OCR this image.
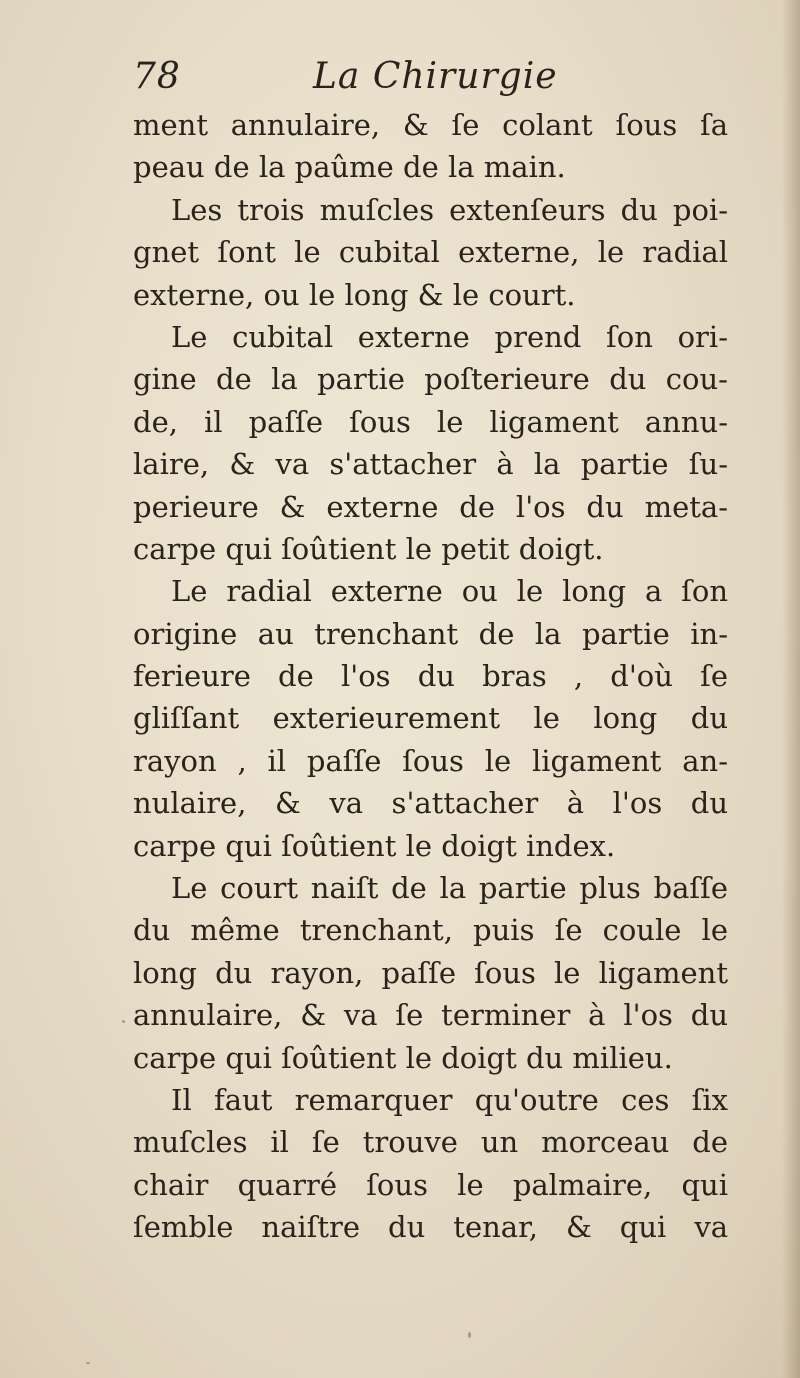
78	La Chirurgie
ment annulaire, & ſe colant ſous ſa
peau de la paûme de la main.
Les trois muſcles extenſeurs du poi-
gnet ſont le cubital externe, le radial
externe, ou le long & le court.
Le cubital externe prend ſon ori-
gine de la partie poſterieure du cou-
de, il paſſe ſous le ligament annu-
laire, & va s'attacher à la partie ſu-
perieure & externe de l'os du meta-
carpe qui ſoûtient le petit doigt.
Le radial externe ou le long a ſon
origine au trenchant de la partie in-
ferieure de l'os du bras , d'où ſe
gliſſant exterieurement le long du
rayon , il paſſe ſous le ligament an-
nulaire, & va s'attacher à l'os du
carpe qui ſoûtient le doigt index.
Le court naiſt de la partie plus baſſe
du même trenchant, puis ſe coule le
long du rayon, paſſe ſous le ligament
annulaire, & va ſe terminer à l'os du
carpe qui ſoûtient le doigt du milieu.
Il faut remarquer qu'outre ces ſix
muſcles il ſe trouve un morceau de
chair quarré ſous le palmaire, qui
ſemble naiſtre du tenar, & qui va
